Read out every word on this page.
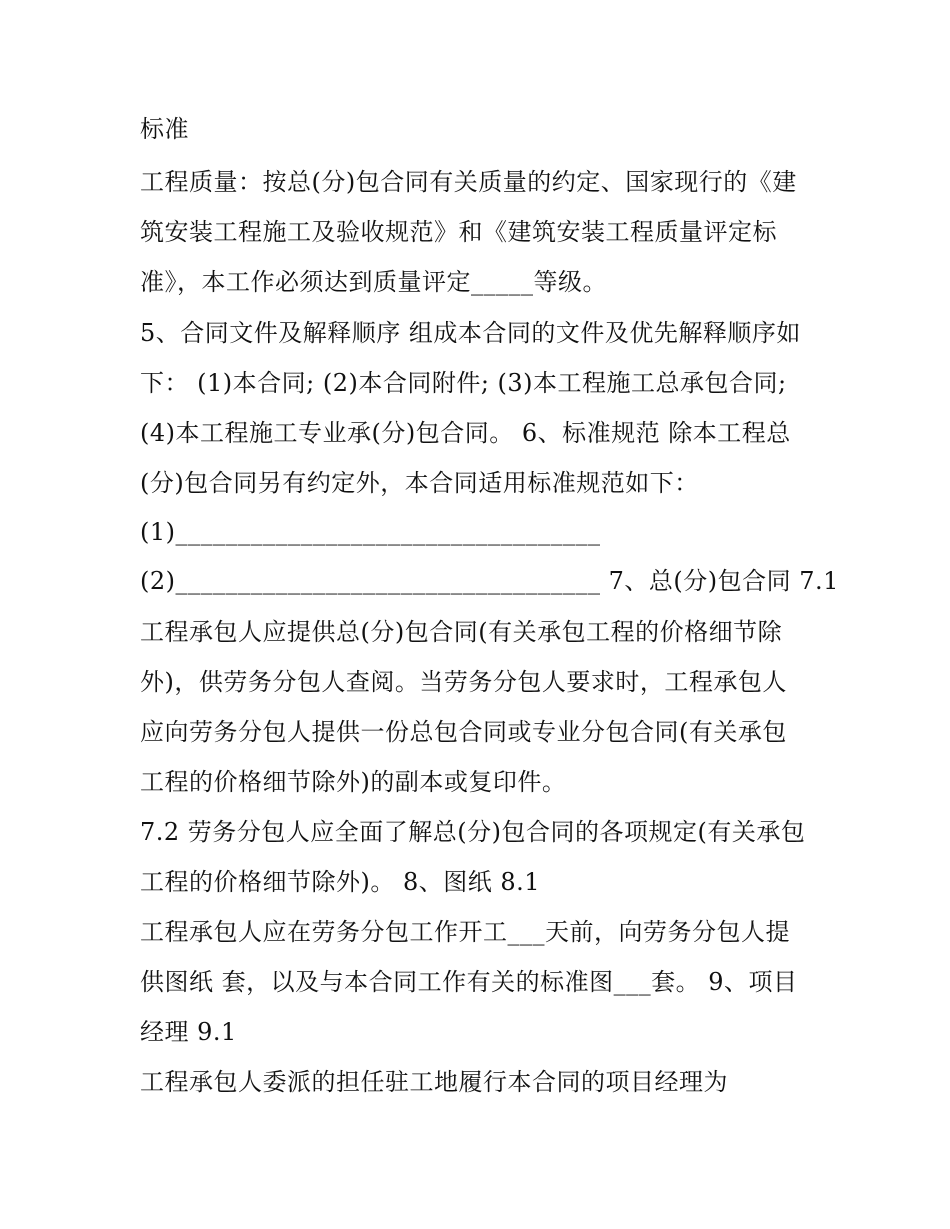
标准
工程质量：按总(分)包合同有关质量的约定、国家现行的《建
筑安装工程施工及验收规范》和《建筑安装工程质量评定标
准》，本工作必须达到质量评定_____等级。
5、合同文件及解释顺序 组成本合同的文件及优先解释顺序如
下： (1)本合同; (2)本合同附件; (3)本工程施工总承包合同;
(4)本工程施工专业承(分)包合同。 6、标准规范 除本工程总
(分)包合同另有约定外，本合同适用标准规范如下：
(1)__________________________________
(2)__________________________________ 7、总(分)包合同 7.1
工程承包人应提供总(分)包合同(有关承包工程的价格细节除
外)，供劳务分包人查阅。当劳务分包人要求时，工程承包人
应向劳务分包人提供一份总包合同或专业分包合同(有关承包
工程的价格细节除外)的副本或复印件。
7.2 劳务分包人应全面了解总(分)包合同的各项规定(有关承包
工程的价格细节除外)。 8、图纸 8.1
工程承包人应在劳务分包工作开工___天前，向劳务分包人提
供图纸 套，以及与本合同工作有关的标准图___套。 9、项目
经理 9.1
工程承包人委派的担任驻工地履行本合同的项目经理为
